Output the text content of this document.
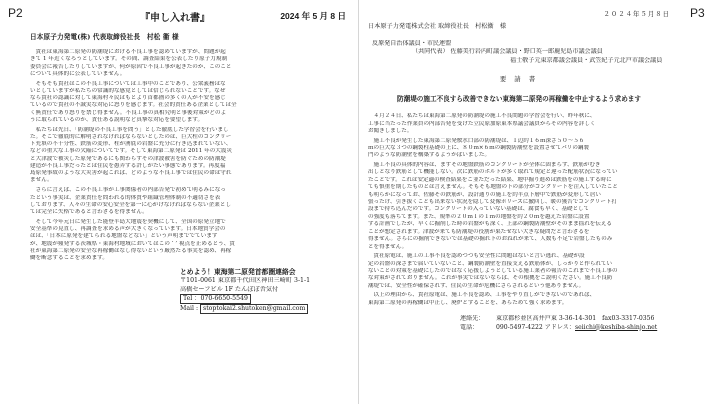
P2	P3
『申し入れ書』	2024 年 5 月 8 日
日本原子力発電(株) 代表取締役社長　村松 衞 様
　貴社は東海第二原発の防潮堤における不良工事を認めていますが、問題が起
きて 1 年近くなろうとしています。その間、調査結果を公表したり原子力規制
委員会に報告したりしていますが、何が原因で不良工事が起きたのか、このこと
について具体的に公表していません。
　そもそも貴社はこの不良工事については工事中のことであり、公衆義務はな
いとしていますが私たちの常識的な感覚としては信じられないことです。なぜ
なら貴社の認識に対して東海村々民はもとより首都圏の多くの人が不安を感じ
ているので貴社の不誠実な対応に怒りを感じます。社会的責任ある企業としては全
く無責任であり怒りを禁じ得ません。不良工事の真相究明と事後対策がどのよ
うに取られているのか、責任ある説明など真摯な対応を要望します。
　私たちは先日、「防潮堤の不良工事を問う」とした徹底した学習会を行いまし
た。そこで徹底的に解明されなければならないとしたのは、巨大柱のコンクリー
ト充填の不十分性、鉄筋の変形、柱が湧底の岩盤に充分に行き込まれていない、
などの重大な工事の欠陥についてです。そして東海第二原発は 2011 年の大震災
と大津波で被災した原発であるにも関わらずその津波被害を防ぐための防潮堤
建造が不良工事だったとは住民を愚弄する許しがたい事態であります。再度福
島原発事故のような大災害が起これば、どのような不良工事では住民の命は守れ
ません。
　さらに言えば、この不良工事が工事関係者の内部告発で初めて明るみになっ
たという事実は、企業責任を問われる的体質や組織管理体制の不適切さを表
しております、人々の生命の安心安全を第一に心がけなければならない企業とし
ては完全に失格であると言わざるを得ません。
　そして今年元日に発生した能登半島大地震を契機にして、全国の原発立地で
安全基準の見直し、再調査を求める声が大きくなっています。日本地質学会の
はは、「日本に原発を建てられる地盤などない」という声明まででています
が、地震が頻発する茨城県・東海村地域においてはこの ‘ ’ 視点を止めるとう、貴
社が東海第二原発の安全な再稼働はなし得ないという厳然たる事実を認め、再稼
働を断念することを求めます。
とめよう！東海第二原発首都圏連絡会
〒101-0061 東京都千代田区神田三崎町 3-1-1
高橋セーフビル 1F たんぽぽ舎気付
Tel ：070-6650-5549
Mail : stoptokai2.shutoken@gmail.com
２０２４年５月８日
日本原子力発電株式会社 取締役社長　村松衞　様
反原発自治体議員・市民連盟
（共同代表） 佐藤美行岩内町議会議員・野口英一郎鹿児島市議会議員
福士敬子元東京都議会議員・武笠紀子元北戸市議会議員
要 請 書
防潮堤の施工不良すら改善できない東海第二原発の再稼働を中止するよう求めます
　４月２４日、私たちは東海第二原発の防潮堤の施工不良問題の学習会を行い、昨年秋に、
工事に当たった作業員の内部告発を受けた立民原加原東本県議会議員からその内容を詳しく
お聞きしました。
　施工不良が発生した東海第二原発敷水口部の防潮堤は、１辺約１６ｍ深さ５０～５６
ｍの巨大な３つの鋼製柱基礎の上に、８０ｍ×６ｍの鋼製防潮壁を設置させてバリの鋼製
門のような防潮壁を構築するようかばいました。
　施工不良の具体的内容は、まずその地盤鉄筋のコンクリートが全体に固まらず、鉄筋がむき
出しとなり鉄筋として機能しない。次に鉄筋のボルトが多く取れて規定と違った配筋状況になってい
たことです。これは安定適の検査結果をご並ただった結果、地中掘り進めは鉄筋をの施工する時に
ても慎重を期したものとは言えません。そもそも地盤の下の部分がコンクリートを注入していたこと
も明らかになってお、佐藤その鉄筋が、設計通りの施工を約半点下層中で鉄筋が変形して居い
張ったけ、引き抜くことも出来ない状況を隠して変像ポリーズに撤回し、暖の獲告でコンクリート打
設まで持ち込んだのです。コンクリートの入っていない基礎は、腐食も早く、基礎として
の強度も落ちてます。また、規準の２０ｍＩの１ｍの地盤を約２０ｍを越えた岩盤に設置
する計画でしたが、早くに掘削した時の岩盤がも深く、上部の鋼製防潮壁がそのまま揺れを伝える
ことが想定されます。津波が来ても防潮堤の役割が果たせない大きな疑問だと言わざるを
得ません。さらにの掘削できないでは基礎の掘れ下のおねれが来て、人数も不足で岩盤したものみ
とを得ません。
　貴社原電は、施工の工事不良を認めつつも安全性に問題はないと言い逃れ、基礎が設
定の岩盤の深さまで届いていないこと、鋼製防潮壁を直接支える鉄筋体が、しっかりと作られてい
ないことの対策を基礎にしたのではなく応援しようとしている施工業者の報告のこれまで不良工事の
な対策がされておりません。これが事実ではないならば、その根拠をご説明ください。施工不良防
潮堤では、安全性が確保されず、住民の生命が危機にさらされるという他ありません。
　以上の理由から、貴社原電は、施工不良を認め、工事をやり直しができないのであれば、
東海第二原発の再稼働は中止し、廃炉とすることを、あらためて強く求めます。
連絡先： 東京都杉並区高井戸東 3-36-14-301　fax03-3317-0356
電話：	090-5497-4222 アドレス：seiichi@keshiba-shinjo.net
